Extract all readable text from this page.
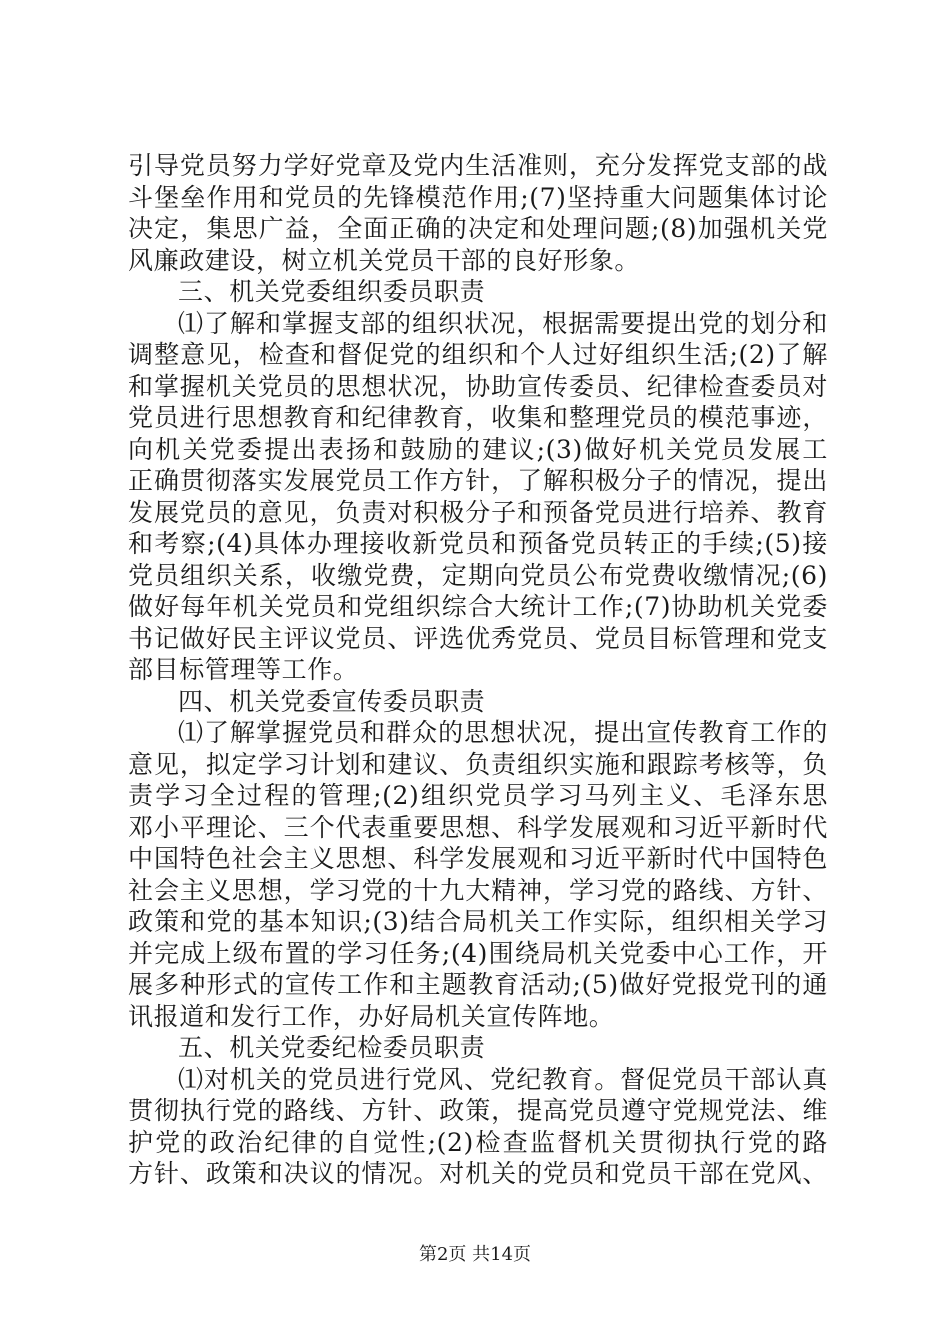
引导党员努力学好党章及党内生活准则，充分发挥党支部的战
斗堡垒作用和党员的先锋模范作用;(7)坚持重大问题集体讨论
决定，集思广益，全面正确的决定和处理问题;(8)加强机关党
风廉政建设，树立机关党员干部的良好形象。
三、机关党委组织委员职责
⑴了解和掌握支部的组织状况，根据需要提出党的划分和
调整意见，检查和督促党的组织和个人过好组织生活;(2)了解
和掌握机关党员的思想状况，协助宣传委员、纪律检查委员对
党员进行思想教育和纪律教育，收集和整理党员的模范事迹，
向机关党委提出表扬和鼓励的建议;(3)做好机关党员发展工
正确贯彻落实发展党员工作方针，了解积极分子的情况，提出
发展党员的意见，负责对积极分子和预备党员进行培养、教育
和考察;(4)具体办理接收新党员和预备党员转正的手续;(5)接
党员组织关系，收缴党费，定期向党员公布党费收缴情况;(6)
做好每年机关党员和党组织综合大统计工作;(7)协助机关党委
书记做好民主评议党员、评选优秀党员、党员目标管理和党支
部目标管理等工作。
四、机关党委宣传委员职责
⑴了解掌握党员和群众的思想状况，提出宣传教育工作的
意见，拟定学习计划和建议、负责组织实施和跟踪考核等，负
责学习全过程的管理;(2)组织党员学习马列主义、毛泽东思
邓小平理论、三个代表重要思想、科学发展观和习近平新时代
中国特色社会主义思想、科学发展观和习近平新时代中国特色
社会主义思想，学习党的十九大精神，学习党的路线、方针、
政策和党的基本知识;(3)结合局机关工作实际，组织相关学习
并完成上级布置的学习任务;(4)围绕局机关党委中心工作，开
展多种形式的宣传工作和主题教育活动;(5)做好党报党刊的通
讯报道和发行工作，办好局机关宣传阵地。
五、机关党委纪检委员职责
⑴对机关的党员进行党风、党纪教育。督促党员干部认真
贯彻执行党的路线、方针、政策，提高党员遵守党规党法、维
护党的政治纪律的自觉性;(2)检查监督机关贯彻执行党的路
方针、政策和决议的情况。对机关的党员和党员干部在党风、
第2页 共14页
